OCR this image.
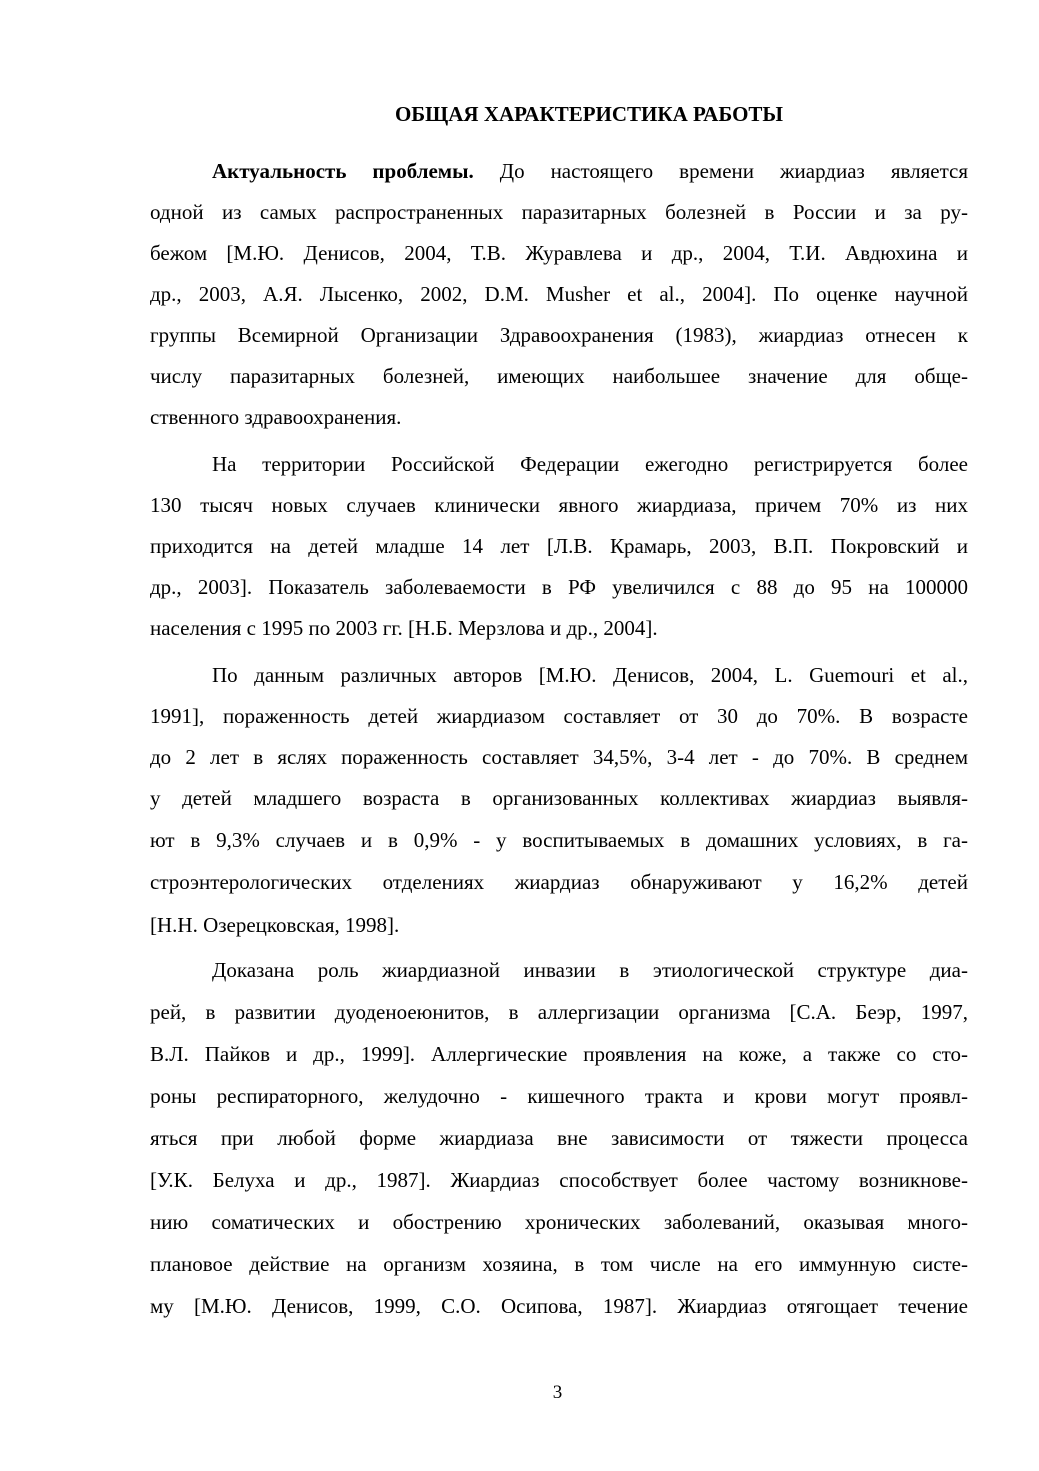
ОБЩАЯ ХАРАКТЕРИСТИКА РАБОТЫ

Актуальность проблемы. До настоящего времени жиардиаз является

одной из самых распространенных паразитарных болезней в России и за ру-

бежом [М.Ю. Денисов, 2004, Т.В. Журавлева и др., 2004, Т.И. Авдюхина и

др., 2003, А.Я. Лысенко, 2002, D.M. Musher et al., 2004]. По оценке научной

группы Всемирной Организации Здравоохранения (1983), жиардиаз отнесен к

числу паразитарных болезней, имеющих наибольшее значение для обще-

ственного здравоохранения.

На территории Российской Федерации ежегодно регистрируется более

130 тысяч новых случаев клинически явного жиардиаза, причем 70% из них

приходится на детей младше 14 лет [Л.В. Крамарь, 2003, В.П. Покровский и

др., 2003]. Показатель заболеваемости в РФ увеличился с 88 до 95 на 100000

населения с 1995 по 2003 гг. [Н.Б. Мерзлова и др., 2004].

По данным различных авторов [М.Ю. Денисов, 2004, L. Guemouri et al.,

1991], пораженность детей жиардиазом составляет от 30 до 70%. В возрасте

до 2 лет в яслях пораженность составляет 34,5%, 3-4 лет - до 70%. В среднем

у детей младшего возраста в организованных коллективах жиардиаз выявля-

ют в 9,3% случаев и в 0,9% - у воспитываемых в домашних условиях, в га-

строэнтерологических отделениях жиардиаз обнаруживают у 16,2% детей

[Н.Н. Озерецковская, 1998].

Доказана роль жиардиазной инвазии в этиологической структуре диа-

рей, в развитии дуоденоеюнитов, в аллергизации организма [С.А. Беэр, 1997,

В.Л. Пайков и др., 1999]. Аллергические проявления на коже, а также со сто-

роны респираторного, желудочно - кишечного тракта и крови могут проявл-

яться при любой форме жиардиаза вне зависимости от тяжести процесса

[У.К. Белуха и др., 1987]. Жиардиаз способствует более частому возникнове-

нию соматических и обострению хронических заболеваний, оказывая много-

плановое действие на организм хозяина, в том числе на его иммунную систе-

му [М.Ю. Денисов, 1999, С.О. Осипова, 1987]. Жиардиаз отягощает течение

3
